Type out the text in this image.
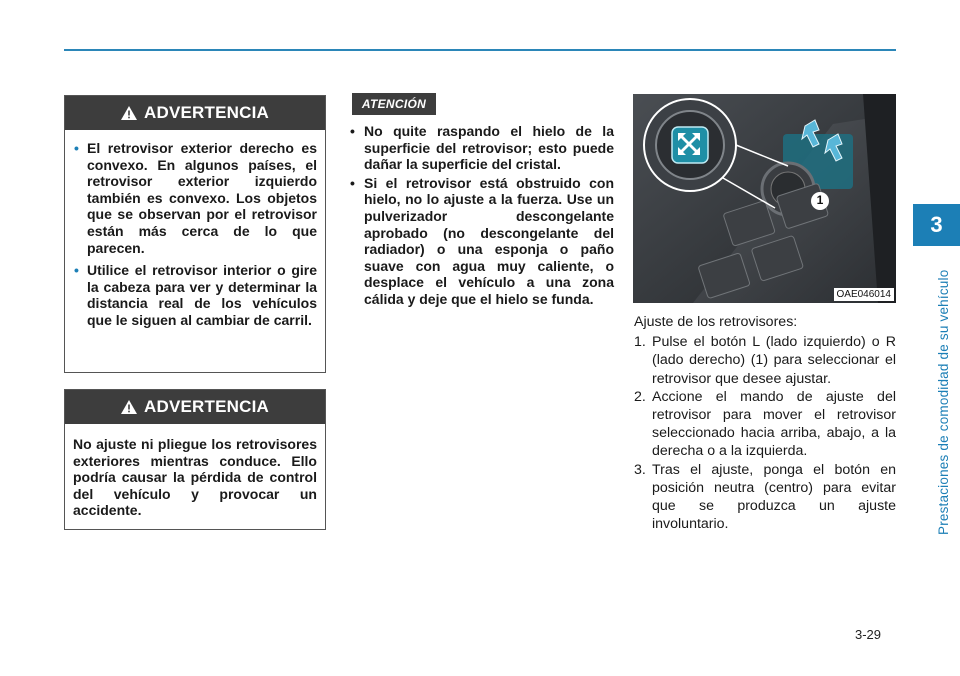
3
Prestaciones de comodidad de su vehículo
ADVERTENCIA
• El retrovisor exterior derecho es convexo. En algunos países, el retrovisor exterior izquierdo también es convexo. Los objetos que se observan por el retrovisor están más cerca de lo que parecen.
• Utilice el retrovisor interior o gire la cabeza para ver y determinar la distancia real de los vehículos que le siguen al cambiar de carril.
ADVERTENCIA

No ajuste ni pliegue los retrovisores exteriores mientras conduce. Ello podría causar la pérdida de control del vehículo y provocar un accidente.

ATENCIÓN
• No quite raspando el hielo de la superficie del retrovisor; esto puede dañar la superficie del cristal.
• Si el retrovisor está obstruido con hielo, no lo ajuste a la fuerza. Use un pulverizador descongelante aprobado (no descongelante del radiador) o una esponja o paño suave con agua muy caliente, o desplace el vehículo a una zona cálida y deje que el hielo se funda.
1
OAE046014
Ajuste de los retrovisores:
1. Pulse el botón L (lado izquierdo) o R (lado derecho) (1) para seleccionar el retrovisor que desee ajustar.
2. Accione el mando de ajuste del retrovisor para mover el retrovisor seleccionado hacia arriba, abajo, a la derecha o a la izquierda.
3. Tras el ajuste, ponga el botón en posición neutra (centro) para evitar que se produzca un ajuste involuntario.
3-29
